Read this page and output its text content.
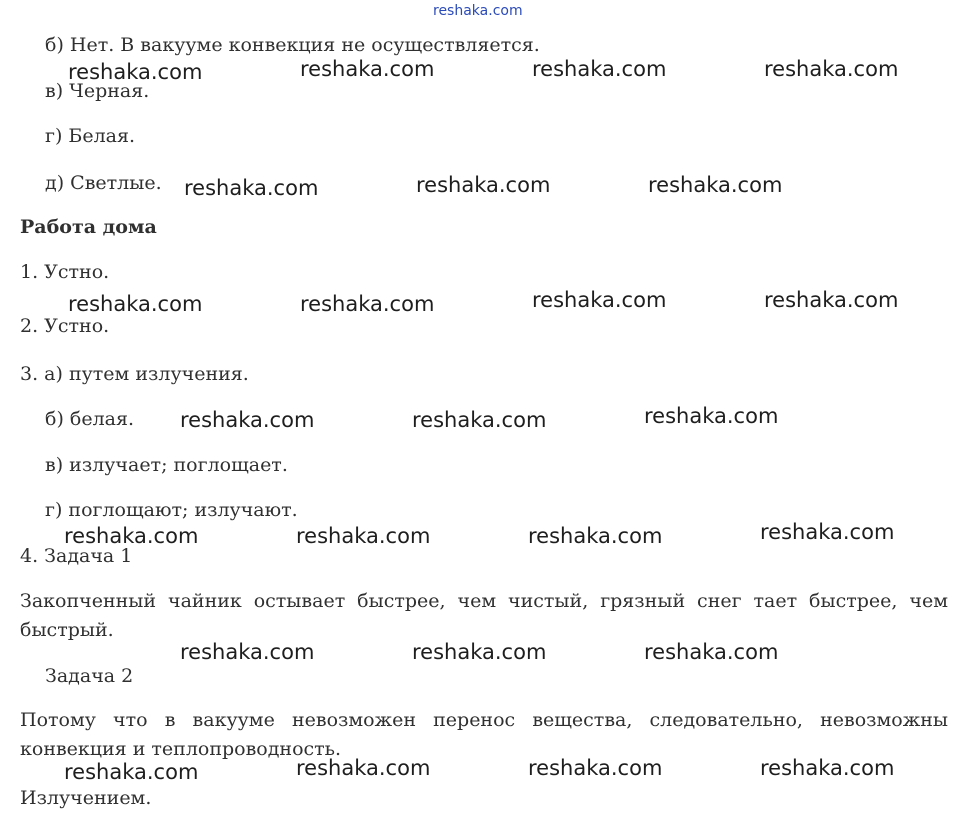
reshaka.com
б) Нет. В вакууме конвекция не осуществляется.
в) Черная.
г) Белая.
д) Светлые.
Работа дома
1. Устно.
2. Устно.
3. а) путем излучения.
б) белая.
в) излучает; поглощает.
г) поглощают; излучают.
4. Задача 1
Закопченный чайник остывает быстрее, чем чистый, грязный снег тает быстрее, чем быстрый.
Задача 2
Потому что в вакууме невозможен перенос вещества, следовательно, невозможны конвекция и теплопроводность.
Излучением.
reshaka.com	reshaka.com	reshaka.com	reshaka.com
reshaka.com	reshaka.com	reshaka.com
reshaka.com	reshaka.com	reshaka.com	reshaka.com
reshaka.com	reshaka.com	reshaka.com
reshaka.com	reshaka.com	reshaka.com	reshaka.com
reshaka.com	reshaka.com	reshaka.com
reshaka.com	reshaka.com	reshaka.com	reshaka.com
